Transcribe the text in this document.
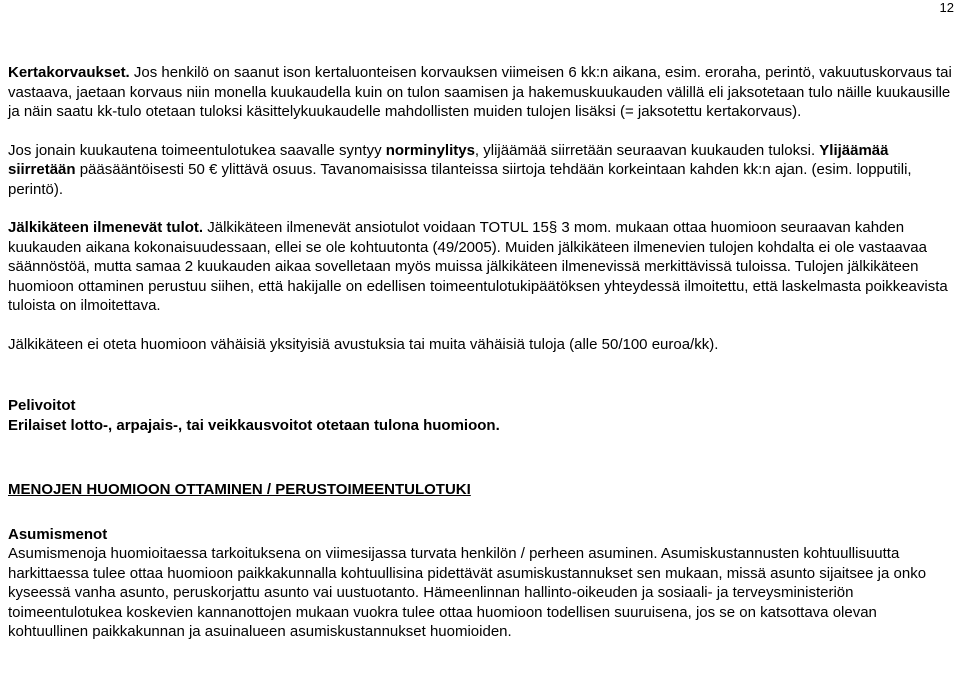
12

Kertakorvaukset. Jos henkilö on saanut ison kertaluonteisen korvauksen viimeisen 6 kk:n aikana, esim. eroraha, perintö, vakuutuskorvaus tai vastaava, jaetaan korvaus niin monella kuukaudella kuin on tulon saamisen ja hakemuskuukauden välillä eli jaksotetaan tulo näille kuukausille ja näin saatu kk-tulo otetaan tuloksi käsittelykuukaudelle mahdollisten muiden tulojen lisäksi (= jaksotettu kertakorvaus).

Jos jonain kuukautena toimeentulotukea saavalle syntyy norminylitys, ylijäämää siirretään seuraavan kuukauden tuloksi. Ylijäämää siirretään pääsääntöisesti 50 € ylittävä osuus. Tavanomaisissa tilanteissa siirtoja tehdään korkeintaan kahden kk:n ajan. (esim. lopputili, perintö).

Jälkikäteen ilmenevät tulot. Jälkikäteen ilmenevät ansiotulot voidaan TOTUL 15§ 3 mom. mukaan ottaa huomioon seuraavan kahden kuukauden aikana kokonaisuudessaan, ellei se ole kohtuutonta (49/2005). Muiden jälkikäteen ilmenevien tulojen kohdalta ei ole vastaavaa säännöstöä, mutta samaa 2 kuukauden aikaa sovelletaan myös muissa jälkikäteen ilmenevissä merkittävissä tuloissa. Tulojen jälkikäteen huomioon ottaminen perustuu siihen, että hakijalle on edellisen toimeentulotukipäätöksen yhteydessä ilmoitettu, että laskelmasta poikkeavista tuloista on ilmoitettava.

Jälkikäteen ei oteta huomioon vähäisiä yksityisiä avustuksia tai muita vähäisiä tuloja (alle 50/100 euroa/kk).

Pelivoitot

Erilaiset lotto-, arpajais-, tai veikkausvoitot otetaan tulona huomioon.

MENOJEN HUOMIOON OTTAMINEN / PERUSTOIMEENTULOTUKI

Asumismenot

Asumismenoja huomioitaessa tarkoituksena on viimesijassa turvata henkilön / perheen asuminen. Asumiskustannusten kohtuullisuutta harkittaessa tulee ottaa huomioon paikkakunnalla kohtuullisina pidettävät asumiskustannukset sen mukaan, missä asunto sijaitsee ja onko kyseessä vanha asunto, peruskorjattu asunto vai uustuotanto. Hämeenlinnan hallinto-oikeuden ja sosiaali- ja terveysministeriön toimeentulotukea koskevien kannanottojen mukaan vuokra tulee ottaa huomioon todellisen suuruisena, jos se on katsottava olevan kohtuullinen paikkakunnan ja asuinalueen asumiskustannukset huomioiden.
